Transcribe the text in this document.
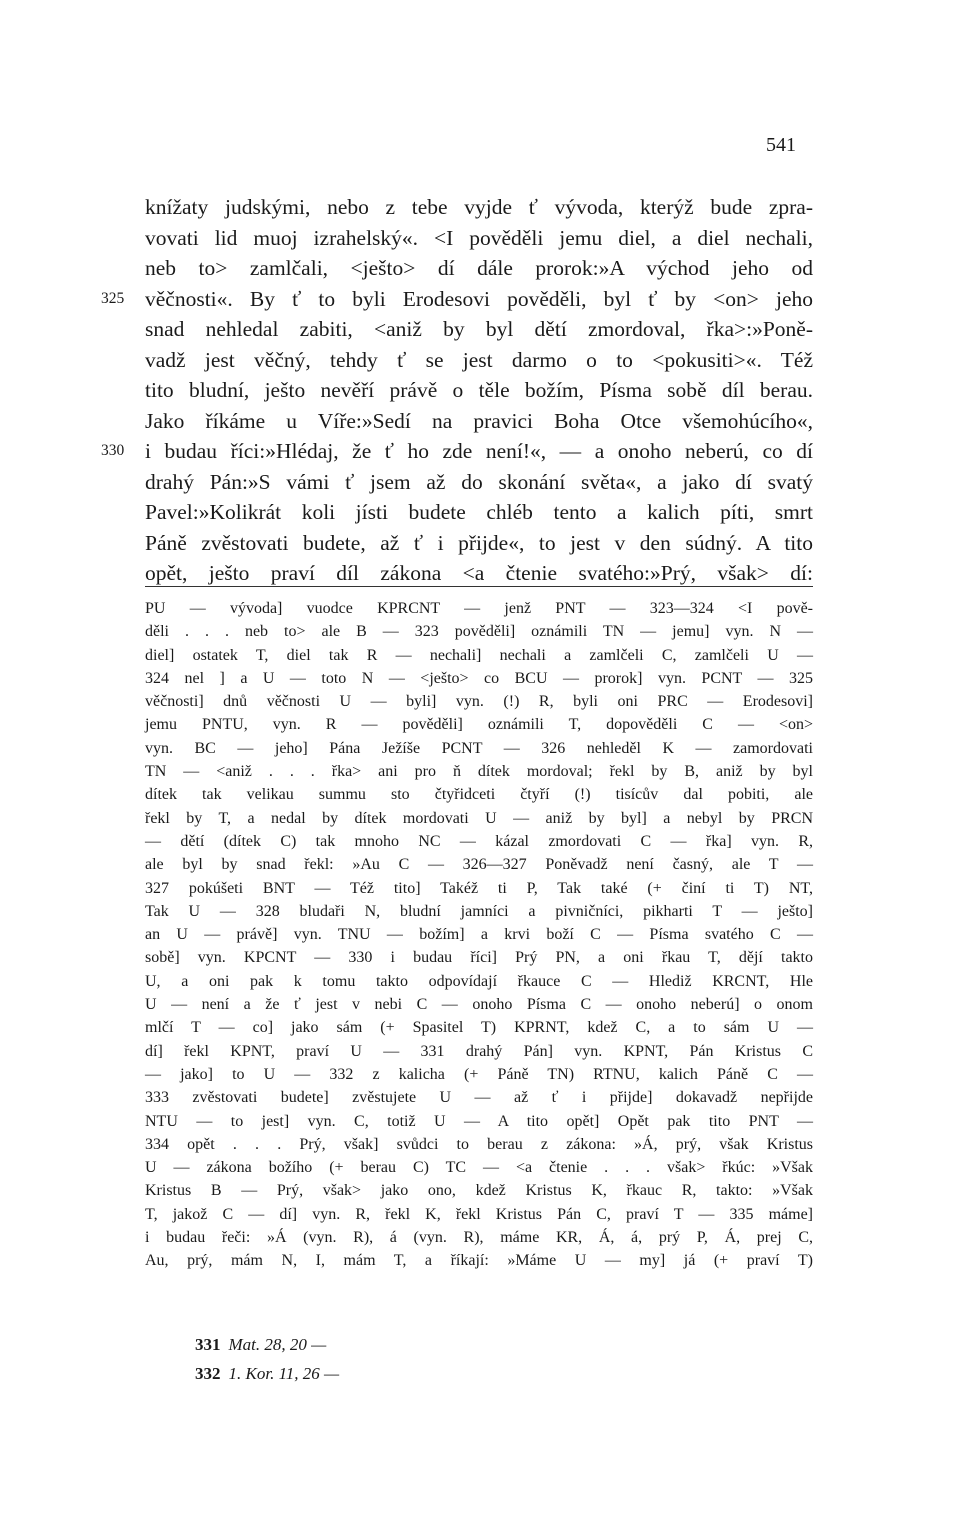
541
knížaty judskými, nebo z tebe vyjde ť vývoda, kterýž bude zpra-
vovati lid muoj izrahelský«. <I pověděli jemu diel, a diel nechali,
neb to> zamlčali, <ješto> dí dále prorok:»A východ jeho od
325 věčnosti«. By ť to byli Erodesovi pověděli, byl ť by <on> jeho
snad nehledal zabiti, <aniž by byl dětí zmordoval, řka>:»Poně-
vadž jest věčný, tehdy ť se jest darmo o to <pokusiti>«. Též
tito bludní, ješto nevěří právě o těle božím, Písma sobě díl berau.
Jako říkáme u Víře:»Sedí na pravici Boha Otce všemohúcího«,
330 i budau říci:»Hlédaj, že ť ho zde není!«, — a onoho neberú, co dí
drahý Pán:»S vámi ť jsem až do skonání světa«, a jako dí svatý
Pavel:»Kolikrát koli jísti budete chléb tento a kalich píti, smrt
Páně zvěstovati budete, až ť i přijde«, to jest v den súdný. A tito
opět, ješto praví díl zákona <a čtenie svatého:»Prý, však> dí:
PU — vývoda] vuodce KPRCNT — jenž PNT — 323—324 <I pově-
děli . . . neb to> ale B — 323 pověděli] oznámili TN — jemu] vyn. N —
diel] ostatek T, diel tak R — nechali] nechali a zamlčeli C, zamlčeli U —
324 nel ] a U — toto N — <ješto> co BCU — prorok] vyn. PCNT — 325
věčnosti] dnů věčnosti U — byli] vyn. (!) R, byli oni PRC — Erodesovi]
jemu PNTU, vyn. R — pověděli] oznámili T, dopověděli C — <on>
vyn. BC — jeho] Pána Ježíše PCNT — 326 nehleděl K — zamordovati
TN — <aniž . . . řka> ani pro ň dítek mordoval; řekl by B, aniž by byl
dítek tak velikau summu sto čtyřidceti čtyří (!) tisícův dal pobiti, ale
řekl by T, a nedal by dítek mordovati U — aniž by byl] a nebyl by PRCN
— dětí (dítek C) tak mnoho NC — kázal zmordovati C — řka] vyn. R,
ale byl by snad řekl: »Au C — 326—327 Poněvadž není časný, ale T —
327 pokúšeti BNT — Též tito] Takéž ti P, Tak také (+ činí ti T) NT,
Tak U — 328 bludaři N, bludní jamníci a pivničníci, pikharti T — ješto]
an U — právě] vyn. TNU — božím] a krvi boží C — Písma svatého C —
sobě] vyn. KPCNT — 330 i budau říci] Prý PN, a oni řkau T, dějí takto
U, a oni pak k tomu takto odpovídají řkauce C — Hlediž KRCNT, Hle
U — není a že ť jest v nebi C — onoho Písma C — onoho neberú] o onom
mlčí T — co] jako sám (+ Spasitel T) KPRNT, kdež C, a to sám U —
dí] řekl KPNT, praví U — 331 drahý Pán] vyn. KPNT, Pán Kristus C
— jako] to U — 332 z kalicha (+ Páně TN) RTNU, kalich Páně C —
333 zvěstovati budete] zvěstujete U — až ť i přijde] dokavadž nepřijde
NTU — to jest] vyn. C, totiž U — A tito opět] Opět pak tito PNT —
334 opět . . . Prý, však] svůdci to berau z zákona: »Á, prý, však Kristus
U — zákona božího (+ berau C) TC — <a čtenie . . . však> řkúc: »Však
Kristus B — Prý, však> jako ono, kdež Kristus K, řkauc R, takto: »Však
T, jakož C — dí] vyn. R, řekl K, řekl Kristus Pán C, praví T — 335 máme]
i budau řeči: »Á (vyn. R), á (vyn. R), máme KR, Á, á, prý P, Á, prej C,
Au, prý, mám N, I, mám T, a říkají: »Máme U — my] já (+ praví T)
331 Mat. 28, 20 —
332 1. Kor. 11, 26 —
